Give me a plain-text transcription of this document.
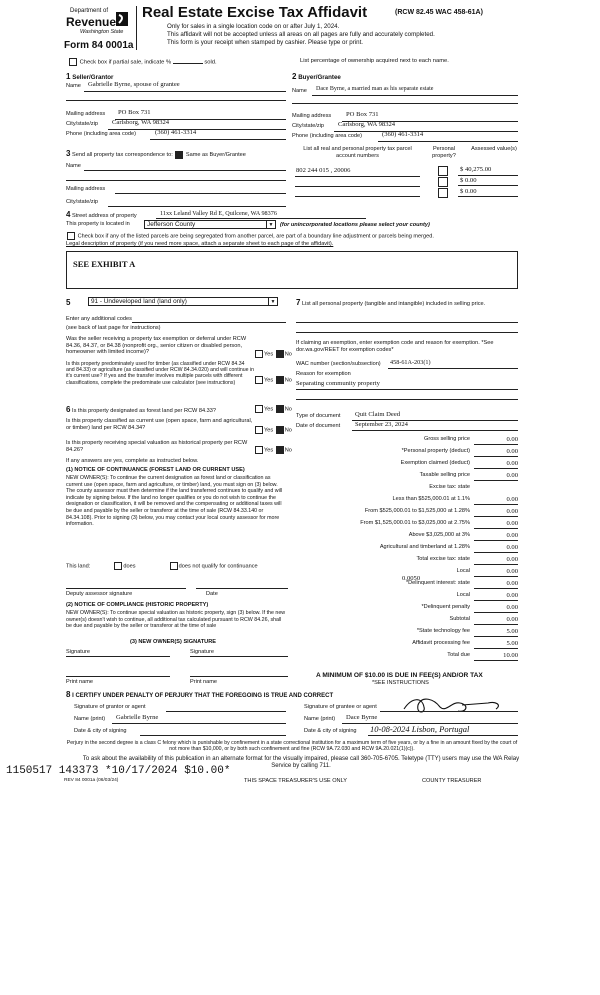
Department of
Revenue
Washington State
Form 84 0001a
Real Estate Excise Tax Affidavit	(RCW 82.45 WAC 458-61A)
Only for sales in a single location code on or after July 1, 2024.
This affidavit will not be accepted unless all areas on all pages are fully and accurately completed.
This form is your receipt when stamped by cashier. Please type or print.
Check box if partial sale, indicate %	sold.	List percentage of ownership acquired next to each name.
1 Seller/Grantor
Name Gabrielle Byrne, spouse of grantee
Mailing address PO Box 731
City/state/zip Carlsborg, WA 98324
Phone (including area code)	(360) 461-3314
2 Buyer/Grantee
Name Dace Byrne, a married man as his separate estate
Mailing address PO Box 731
City/state/zip Carlsborg, WA 98324
Phone (including area code)	(360) 461-3314
3 Send all property tax correspondence to: Same as Buyer/Grantee
Name
Mailing address
City/state/zip
List all real and personal property tax parcel account numbers
Personal property?
Assessed value(s)
802 244 015 , 20006	$ 40,275.00
$ 0.00
$ 0.00
4 Street address of property	11xx Leland Valley Rd E, Quilcene, WA 98376
This property is located in	Jefferson County	▼ (for unincorporated locations please select your county)
Check box if any of the listed parcels are being segregated from another parcel, are part of a boundary line adjustment or parcels being merged.
Legal description of property (if you need more space, attach a separate sheet to each page of the affidavit).
SEE EXHIBIT A
5	91 - Undeveloped land (land only)	▼
Enter any additional codes
(see back of last page for instructions)
Was the seller receiving a property tax exemption or deferral under RCW 84.36, 84.37, or 84.38 (nonprofit org., senior citizen or disabled person, homeowner with limited income)?	Yes No
Is this property predominately used for timber (as classified under RCW 84.34 and 84.33) or agriculture (as classified under RCW 84.34.020) and will continue in it's current use? If yes and the transfer involves multiple parcels with different classifications, complete the predominate use calculator (see instructions)	Yes No
6 Is this property designated as forest land per RCW 84.33?	Yes No
Is this property classified as current use (open space, farm and agricultural, or timber) land per RCW 84.34?	Yes No
Is this property receiving special valuation as historical property per RCW 84.26?	Yes No
If any answers are yes, complete as instructed below.
(1) NOTICE OF CONTINUANCE (FOREST LAND OR CURRENT USE)
NEW OWNER(S): To continue the current designation as forest land or classification as current use (open space, farm and agriculture, or timber) land, you must sign on (3) below. The county assessor must then determine if the land transferred continues to qualify and will indicate by signing below. If the land no longer qualifies or you do not wish to continue the designation or classification, it will be removed and the compensating or additional taxes will be due and payable by the seller or transferor at the time of sale (RCW 84.33.140 or 84.34.108). Prior to signing (3) below, you may contact your local county assessor for more information.
This land:	does	does not qualify for continuance
Deputy assessor signature	Date
(2) NOTICE OF COMPLIANCE (HISTORIC PROPERTY)
NEW OWNER(S): To continue special valuation as historic property, sign (3) below. If the new owner(s) doesn't wish to continue, all additional tax calculated pursuant to RCW 84.26, shall be due and payable by the seller or transferor at the time of sale
(3) NEW OWNER(S) SIGNATURE
Signature	Signature
Print name	Print name
7 List all personal property (tangible and intangible) included in selling price.
If claiming an exemption, enter exemption code and reason for exemption. *See dor.wa.gov/REET for exemption codes*
WAC number (section/subsection) 458-61A-203(1)
Reason for exemption
Separating community property
Type of document Quit Claim Deed
Date of document September 23, 2024
Gross selling price	0.00
*Personal property (deduct)	0.00
Exemption claimed (deduct)	0.00
Taxable selling price	0.00
Excise tax: state
Less than $525,000.01 at 1.1%	0.00
From $525,000.01 to $1,525,000 at 1.28%	0.00
From $1,525,000.01 to $3,025,000 at 2.75%	0.00
Above $3,025,000 at 3%	0.00
Agricultural and timberland at 1.28%	0.00
Total excise tax: state	0.00
Local	0.00
*Delinquent interest: state	0.00
Local	0.00
*Delinquent penalty	0.00
Subtotal	0.00
*State technology fee	5.00
Affidavit processing fee	5.00
Total due	10.00
0.0050
A MINIMUM OF $10.00 IS DUE IN FEE(S) AND/OR TAX
*SEE INSTRUCTIONS
8 I CERTIFY UNDER PENALTY OF PERJURY THAT THE FOREGOING IS TRUE AND CORRECT
Signature of grantor or agent
Name (print) Gabrielle Byrne
Date & city of signing
Signature of grantee or agent
Name (print) Dace Byrne
Date & city of signing 10-08-2024 Lisbon, Portugal
Perjury in the second degree is a class C felony which is punishable by confinement in a state correctional institution for a maximum term of five years, or by a fine in an amount fixed by the court of not more than $10,000, or by both such confinement and fine (RCW 9A.72.030 and RCW 9A.20.021(1)(c)).
To ask about the availability of this publication in an alternate format for the visually impaired, please call 360-705-6705. Teletype (TTY) users may use the WA Relay Service by calling 711.
1150517 143373 *10/17/2024 $10.00*
REV 84 0001a (06/03/24)	THIS SPACE TREASURER'S USE ONLY	COUNTY TREASURER
